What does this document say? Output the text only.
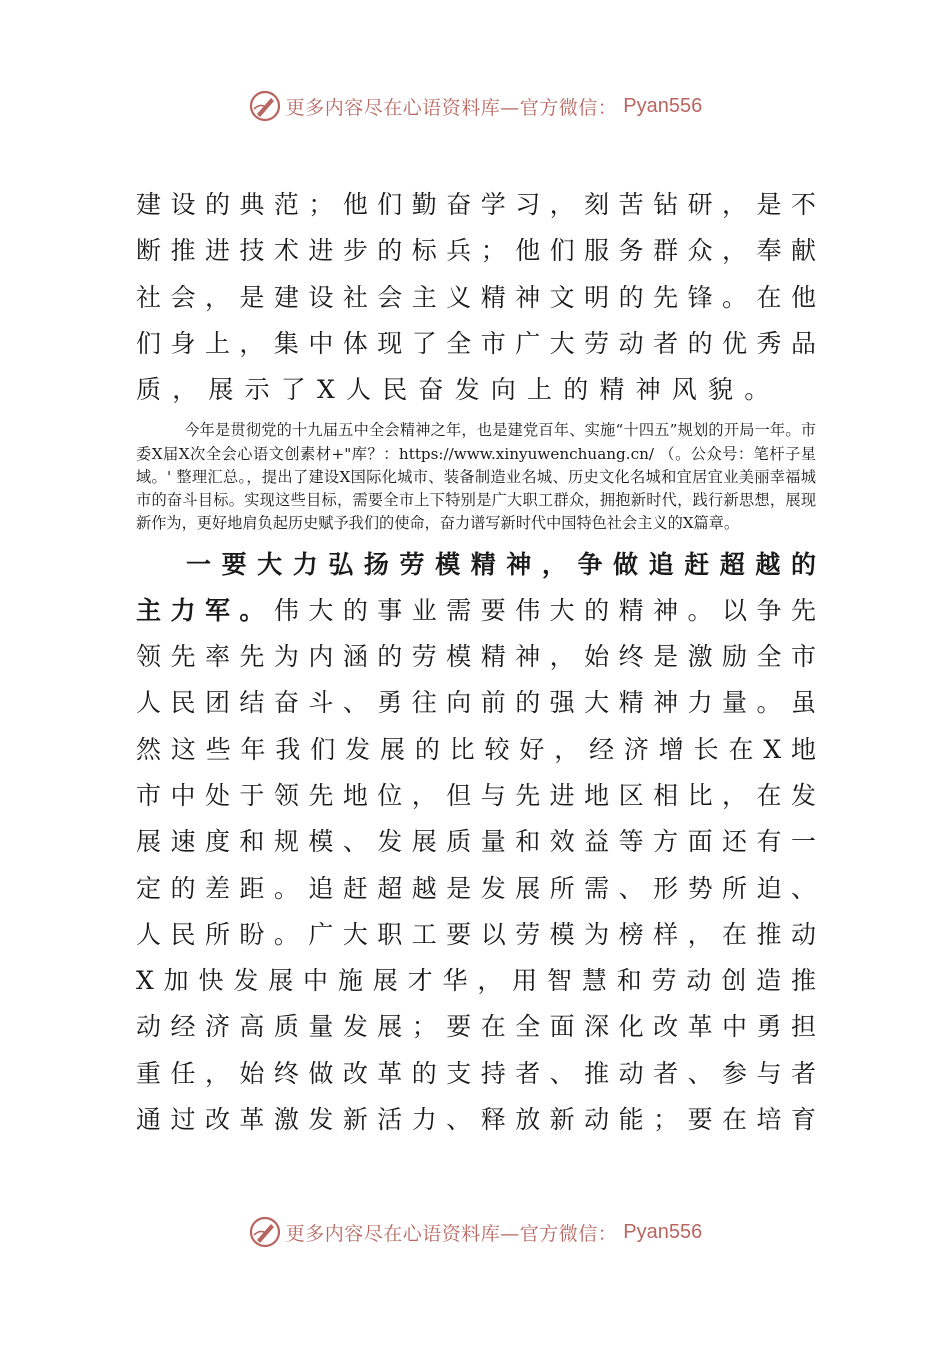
更多内容尽在心语资料库—官方微信： Pyan556
建设的典范；他们勤奋学习，刻苦钻研，是不
断推进技术进步的标兵；他们服务群众，奉献
社会，是建设社会主义精神文明的先锋。在他
们身上，集中体现了全市广大劳动者的优秀品
质，展示了X人民奋发向上的精神风貌。
今年是贯彻党的十九届五中全会精神之年，也是建党百年、实施“十四五”规划的开局一年。市委X届X次全会心语文创素材+"库？：https://www.xinyuwenchuang.cn/ （。公众号：笔杆子星域。' 整理汇总。，提出了建设X国际化城市、装备制造业名城、历史文化名城和宜居宜业美丽幸福城市的奋斗目标。实现这些目标，需要全市上下特别是广大职工群众，拥抱新时代，践行新思想，展现新作为，更好地肩负起历史赋予我们的使命，奋力谱写新时代中国特色社会主义的X篇章。
一要大力弘扬劳模精神，争做追赶超越的
主力军。伟大的事业需要伟大的精神。以争先
领先率先为内涵的劳模精神，始终是激励全市
人民团结奋斗、勇往向前的强大精神力量。虽
然这些年我们发展的比较好，经济增长在X地
市中处于领先地位，但与先进地区相比，在发
展速度和规模、发展质量和效益等方面还有一
定的差距。追赶超越是发展所需、形势所迫、
人民所盼。广大职工要以劳模为榜样，在推动
X加快发展中施展才华，用智慧和劳动创造推
动经济高质量发展；要在全面深化改革中勇担
重任，始终做改革的支持者、推动者、参与者
通过改革激发新活力、释放新动能；要在培育
更多内容尽在心语资料库—官方微信： Pyan556
